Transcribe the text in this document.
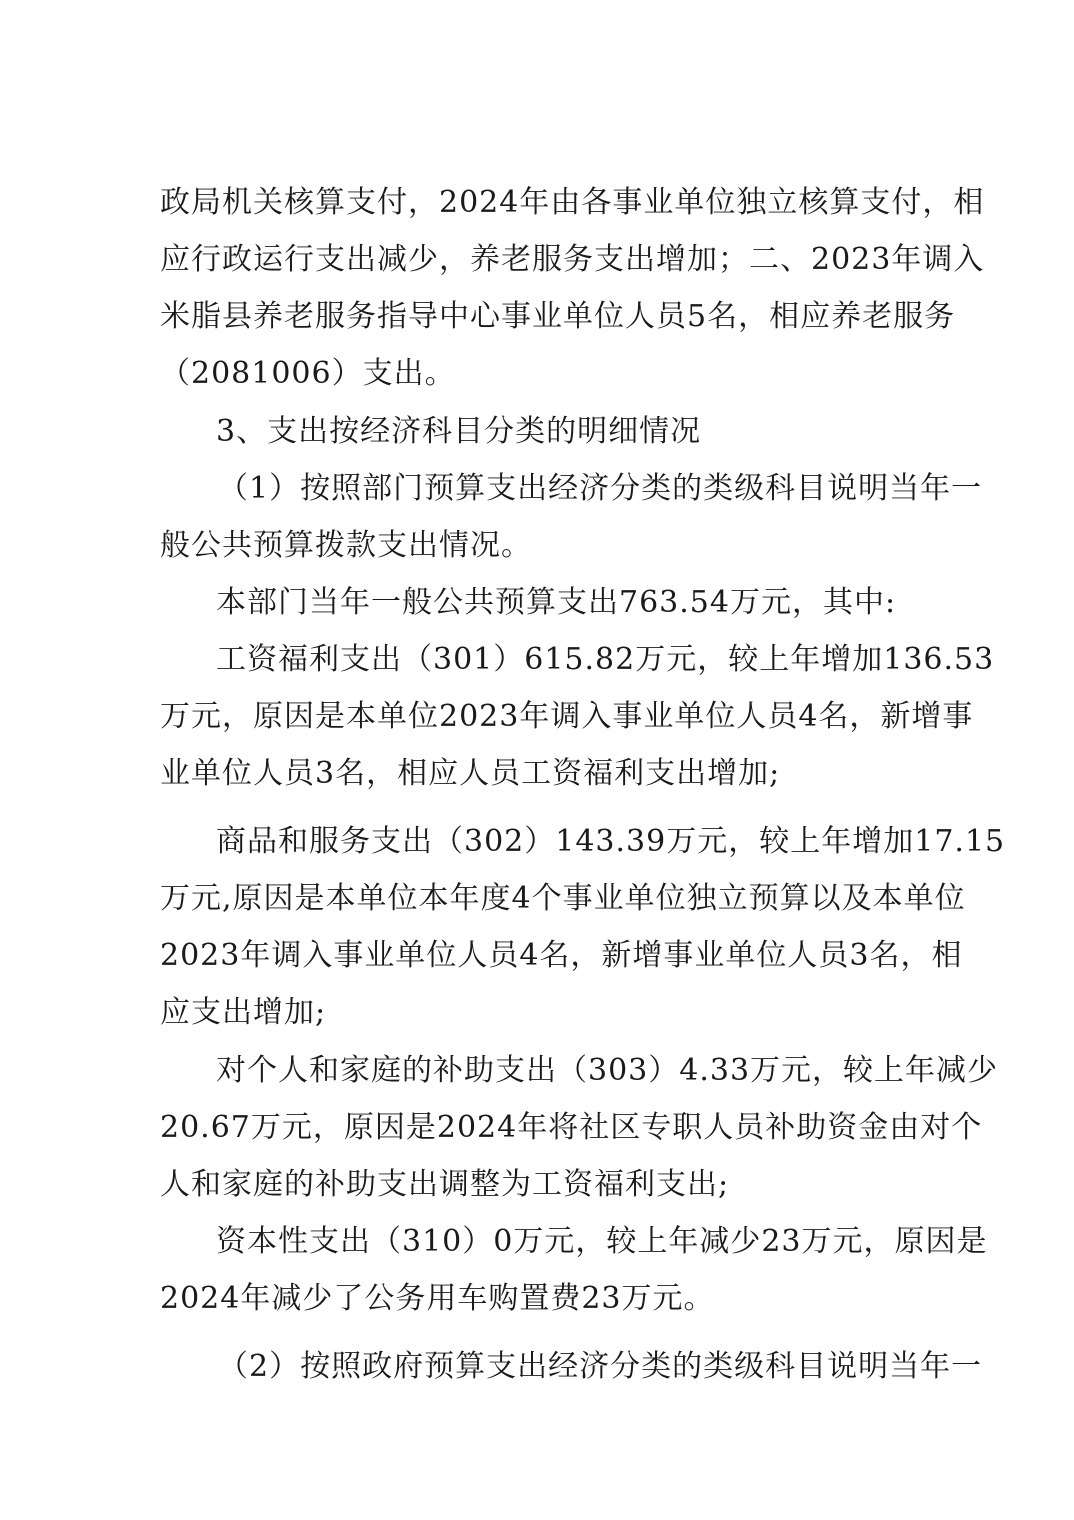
政局机关核算支付，2024年由各事业单位独立核算支付，相
应行政运行支出减少，养老服务支出增加；二、2023年调入
米脂县养老服务指导中心事业单位人员5名，相应养老服务
（2081006）支出。
3、支出按经济科目分类的明细情况
（1）按照部门预算支出经济分类的类级科目说明当年一
般公共预算拨款支出情况。
本部门当年一般公共预算支出763.54万元，其中:
工资福利支出（301）615.82万元，较上年增加136.53
万元，原因是本单位2023年调入事业单位人员4名，新增事
业单位人员3名，相应人员工资福利支出增加;
商品和服务支出（302）143.39万元，较上年增加17.15
万元,原因是本单位本年度4个事业单位独立预算以及本单位
2023年调入事业单位人员4名，新增事业单位人员3名，相
应支出增加;
对个人和家庭的补助支出（303）4.33万元，较上年减少
20.67万元，原因是2024年将社区专职人员补助资金由对个
人和家庭的补助支出调整为工资福利支出;
资本性支出（310）0万元，较上年减少23万元，原因是
2024年减少了公务用车购置费23万元。
（2）按照政府预算支出经济分类的类级科目说明当年一
